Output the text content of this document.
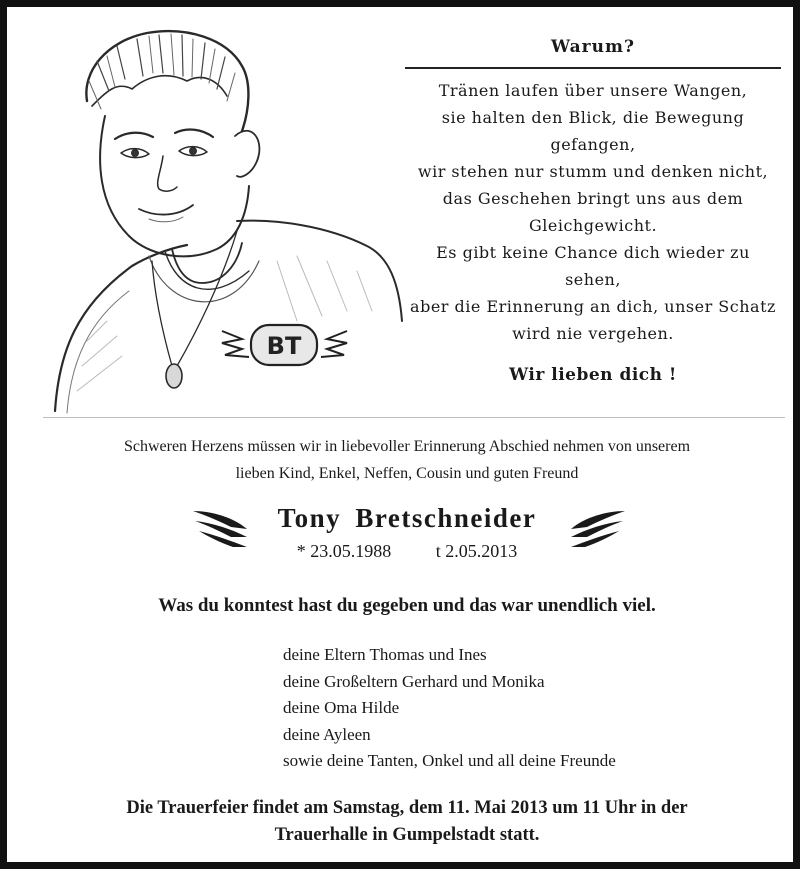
BT
Warum?
Tränen laufen über unsere Wangen,
sie halten den Blick, die Bewegung
gefangen,
wir stehen nur stumm und denken nicht,
das Geschehen bringt uns aus dem
Gleichgewicht.
Es gibt keine Chance dich wieder zu
sehen,
aber die Erinnerung an dich, unser Schatz
wird nie vergehen.
Wir lieben dich !
Schweren Herzens müssen wir in liebevoller Erinnerung Abschied nehmen von unserem
lieben Kind, Enkel, Neffen, Cousin und guten Freund
Tony Bretschneider
* 23.05.1988 t 2.05.2013
Was du konntest hast du gegeben und das war unendlich viel.
deine Eltern Thomas und Ines
deine Großeltern Gerhard und Monika
deine Oma Hilde
deine Ayleen
sowie deine Tanten, Onkel und all deine Freunde
Die Trauerfeier findet am Samstag, dem 11. Mai 2013 um 11 Uhr in der
Trauerhalle in Gumpelstadt statt.
